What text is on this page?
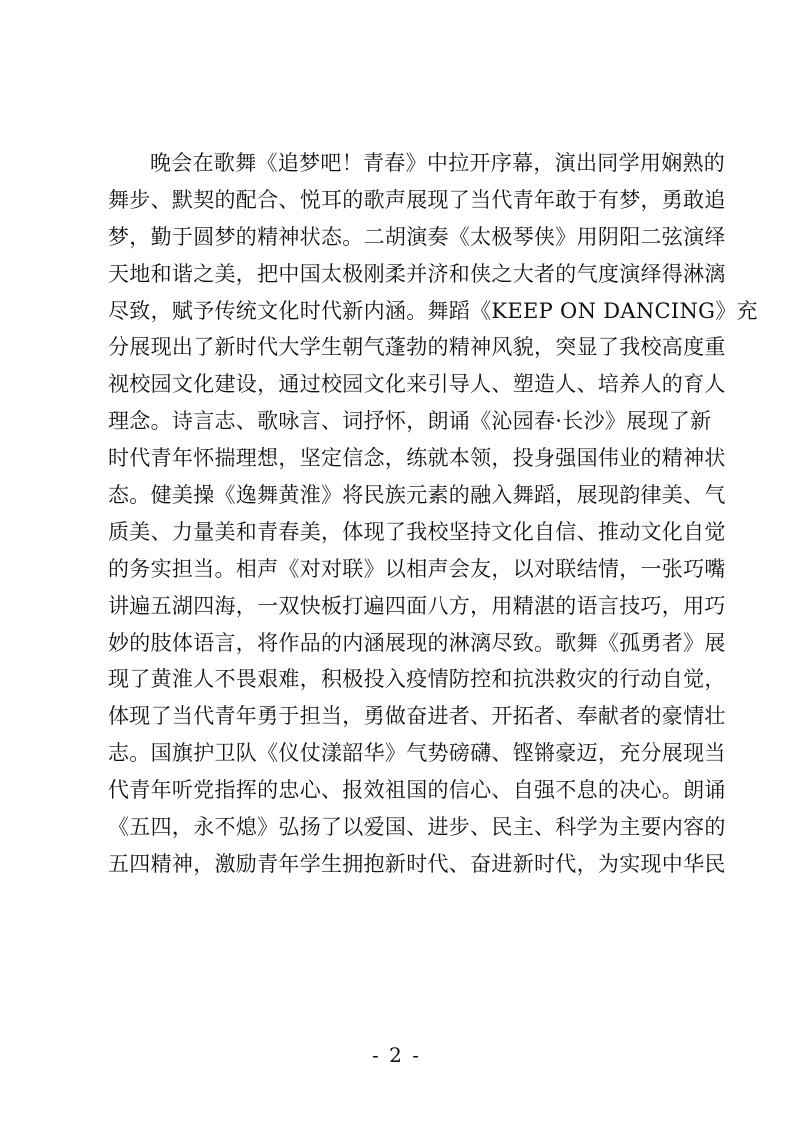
晚会在歌舞《追梦吧！青春》中拉开序幕，演出同学用娴熟的
舞步、默契的配合、悦耳的歌声展现了当代青年敢于有梦，勇敢追
梦，勤于圆梦的精神状态。二胡演奏《太极琴侠》用阴阳二弦演绎
天地和谐之美，把中国太极刚柔并济和侠之大者的气度演绎得淋漓
尽致，赋予传统文化时代新内涵。舞蹈《KEEP ON DANCING》充
分展现出了新时代大学生朝气蓬勃的精神风貌，突显了我校高度重
视校园文化建设，通过校园文化来引导人、塑造人、培养人的育人
理念。诗言志、歌咏言、词抒怀，朗诵《沁园春·长沙》展现了新
时代青年怀揣理想，坚定信念，练就本领，投身强国伟业的精神状
态。健美操《逸舞黄淮》将民族元素的融入舞蹈，展现韵律美、气
质美、力量美和青春美，体现了我校坚持文化自信、推动文化自觉
的务实担当。相声《对对联》以相声会友，以对联结情，一张巧嘴
讲遍五湖四海，一双快板打遍四面八方，用精湛的语言技巧，用巧
妙的肢体语言，将作品的内涵展现的淋漓尽致。歌舞《孤勇者》展
现了黄淮人不畏艰难，积极投入疫情防控和抗洪救灾的行动自觉，
体现了当代青年勇于担当，勇做奋进者、开拓者、奉献者的豪情壮
志。国旗护卫队《仪仗漾韶华》气势磅礴、铿锵豪迈，充分展现当
代青年听党指挥的忠心、报效祖国的信心、自强不息的决心。朗诵
《五四，永不熄》弘扬了以爱国、进步、民主、科学为主要内容的
五四精神，激励青年学生拥抱新时代、奋进新时代，为实现中华民
- 2 -
